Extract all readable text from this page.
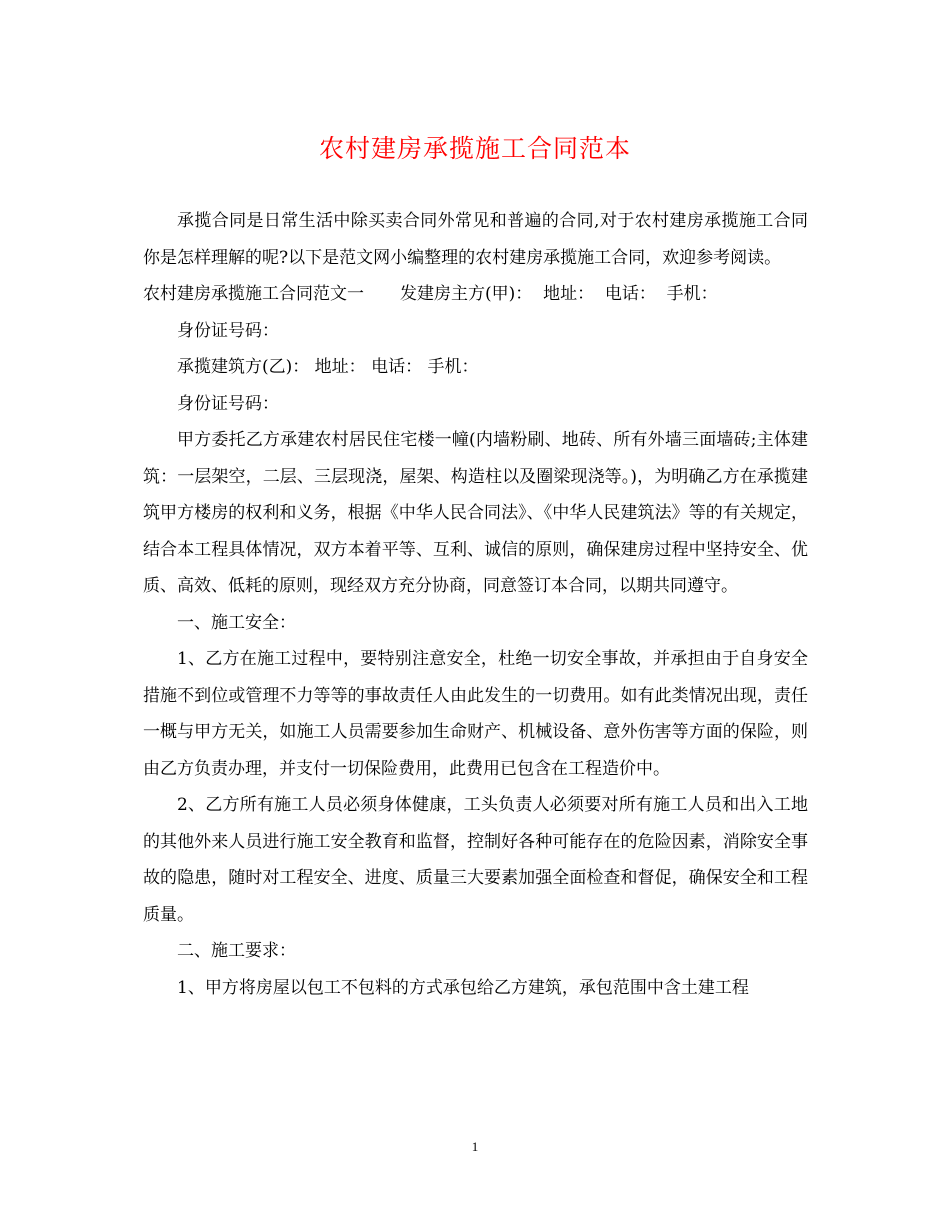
农村建房承揽施工合同范本

承揽合同是日常生活中除买卖合同外常见和普遍的合同,对于农村建房承揽施工合同你是怎样理解的呢?以下是范文网小编整理的农村建房承揽施工合同，欢迎参考阅读。

农村建房承揽施工合同范文一 发建房主方(甲)：  地址：  电话：  手机：

身份证号码：

承揽建筑方(乙)： 地址： 电话： 手机：

身份证号码：

甲方委托乙方承建农村居民住宅楼一幢(内墙粉刷、地砖、所有外墙三面墙砖;主体建筑：一层架空，二层、三层现浇，屋架、构造柱以及圈梁现浇等。)，为明确乙方在承揽建筑甲方楼房的权利和义务，根据《中华人民合同法》、《中华人民建筑法》等的有关规定，结合本工程具体情况，双方本着平等、互利、诚信的原则，确保建房过程中坚持安全、优质、高效、低耗的原则，现经双方充分协商，同意签订本合同，以期共同遵守。

一、施工安全：

1、乙方在施工过程中，要特别注意安全，杜绝一切安全事故，并承担由于自身安全措施不到位或管理不力等等的事故责任人由此发生的一切费用。如有此类情况出现，责任一概与甲方无关，如施工人员需要参加生命财产、机械设备、意外伤害等方面的保险，则由乙方负责办理，并支付一切保险费用，此费用已包含在工程造价中。

2、乙方所有施工人员必须身体健康，工头负责人必须要对所有施工人员和出入工地的其他外来人员进行施工安全教育和监督，控制好各种可能存在的危险因素，消除安全事故的隐患，随时对工程安全、进度、质量三大要素加强全面检查和督促，确保安全和工程质量。

二、施工要求：

1、甲方将房屋以包工不包料的方式承包给乙方建筑，承包范围中含土建工程

1
